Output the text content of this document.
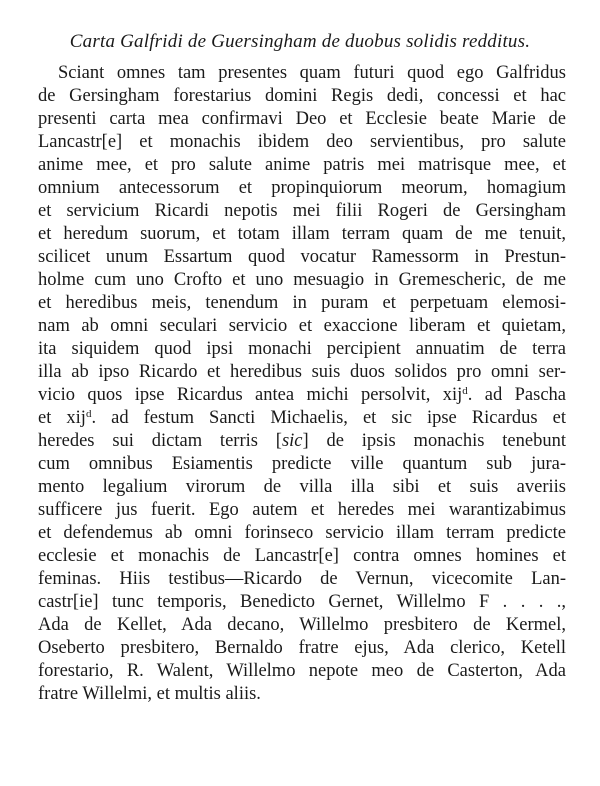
Carta Galfridi de Guersingham de duobus solidis redditus.
Sciant omnes tam presentes quam futuri quod ego Galfridus
de Gersingham forestarius domini Regis dedi, concessi et hac
presenti carta mea confirmavi Deo et Ecclesie beate Marie de
Lancastr[e] et monachis ibidem deo servientibus, pro salute
anime mee, et pro salute anime patris mei matrisque mee, et
omnium antecessorum et propinquiorum meorum, homagium
et servicium Ricardi nepotis mei filii Rogeri de Gersingham
et heredum suorum, et totam illam terram quam de me tenuit,
scilicet unum Essartum quod vocatur Ramessorm in Prestun-
holme cum uno Crofto et uno mesuagio in Gremescheric, de me
et heredibus meis, tenendum in puram et perpetuam elemosi-
nam ab omni seculari servicio et exaccione liberam et quietam,
ita siquidem quod ipsi monachi percipient annuatim de terra
illa ab ipso Ricardo et heredibus suis duos solidos pro omni ser-
vicio quos ipse Ricardus antea michi persolvit, xij$^d$. ad Pascha
et xij$^d$. ad festum Sancti Michaelis, et sic ipse Ricardus et
heredes sui dictam terris [sic] de ipsis monachis tenebunt
cum omnibus Esiamentis predicte ville quantum sub jura-
mento legalium virorum de villa illa sibi et suis averiis
sufficere jus fuerit. Ego autem et heredes mei warantizabimus
et defendemus ab omni forinseco servicio illam terram predicte
ecclesie et monachis de Lancastr[e] contra omnes homines et
feminas. Hiis testibus—Ricardo de Vernun, vicecomite Lan-
castr[ie] tunc temporis, Benedicto Gernet, Willelmo F . . . .,
Ada de Kellet, Ada decano, Willelmo presbitero de Kermel,
Oseberto presbitero, Bernaldo fratre ejus, Ada clerico, Ketell
forestario, R. Walent, Willelmo nepote meo de Casterton, Ada
fratre Willelmi, et multis aliis.
